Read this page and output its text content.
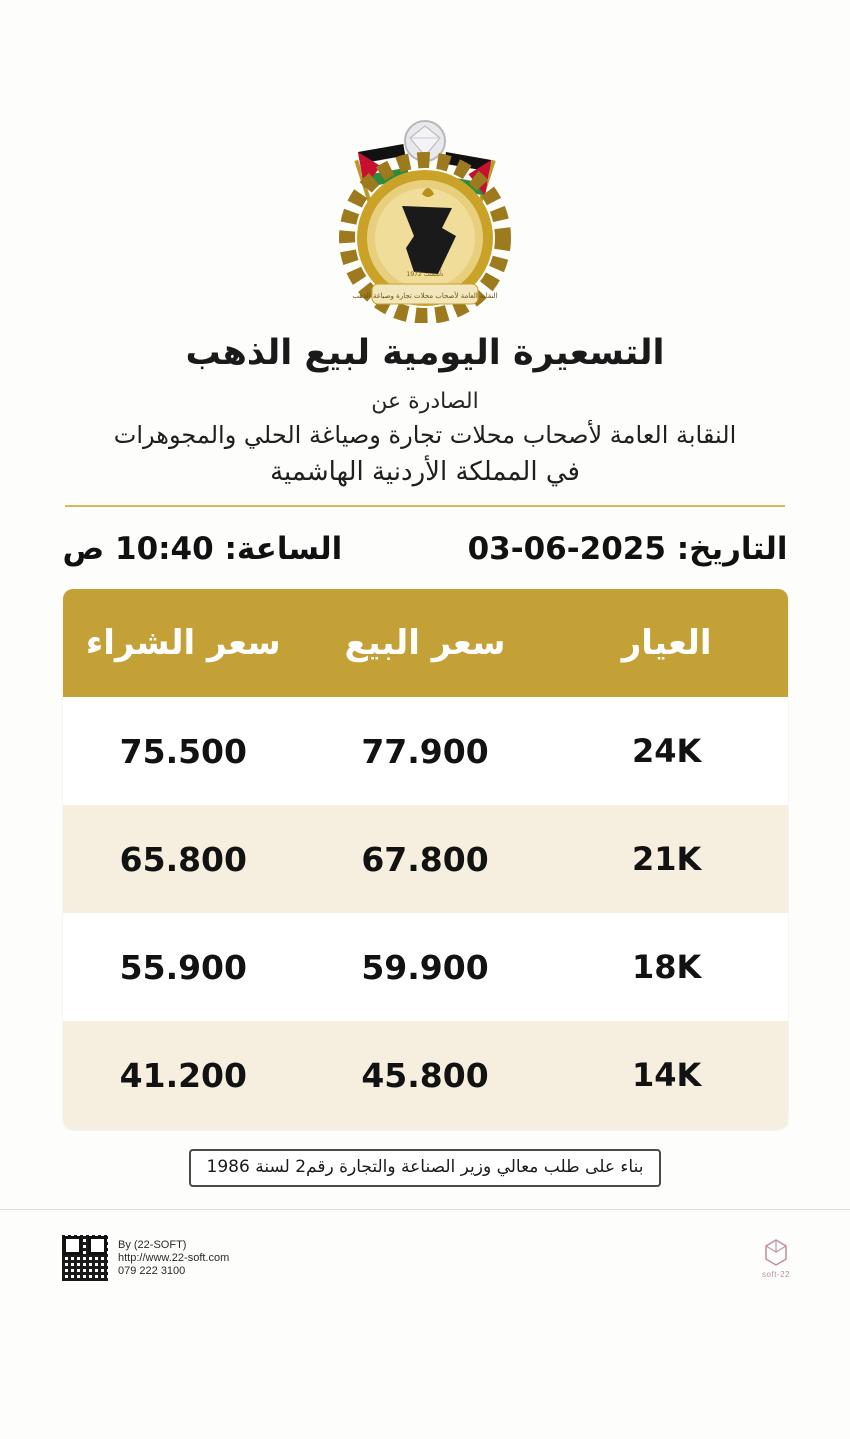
النقابة العامة لأصحاب محلات تجارة وصياغة الذهب
تأسست 1972
التسعيرة اليومية لبيع الذهب
الصادرة عن
النقابة العامة لأصحاب محلات تجارة وصياغة الحلي والمجوهرات
في المملكة الأردنية الهاشمية
التاريخ: 2025-06-03
الساعة: 10:40 ص
العيار
سعر البيع
سعر الشراء
24K
77.900
75.500
21K
67.800
65.800
18K
59.900
55.900
14K
45.800
41.200
بناء على طلب معالي وزير الصناعة والتجارة رقم2 لسنة 1986
By (22-SOFT)
http://www.22-soft.com
079 222 3100	22-soft
